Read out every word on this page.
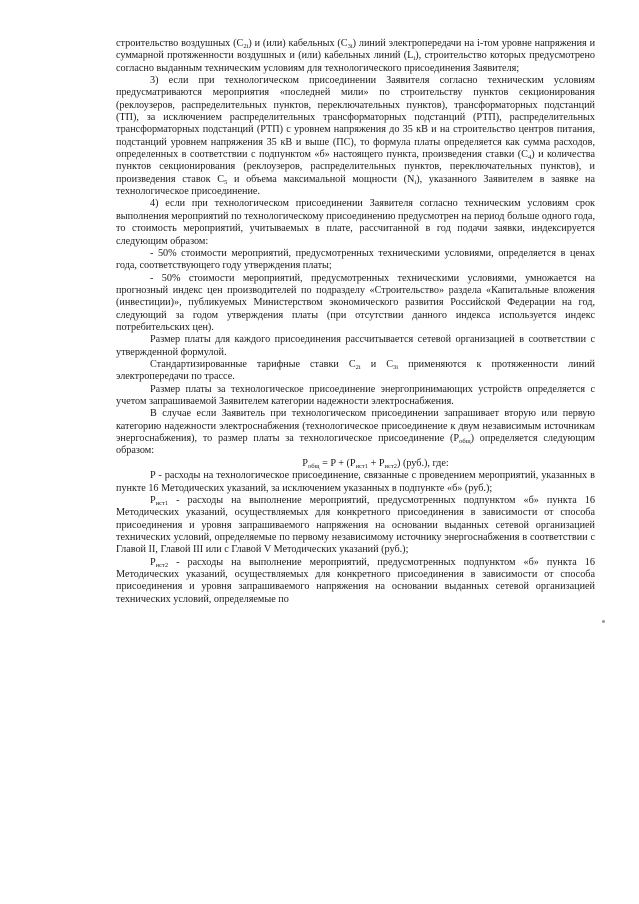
строительство воздушных $(C_{2i})$ и (или) кабельных $(C_{3i})$ линий электропередачи на i-том уровне напряжения и суммарной протяженности воздушных и (или) кабельных линий $(L_i)$, строительство которых предусмотрено согласно выданным техническим условиям для технологического присоединения Заявителя;

3) если при технологическом присоединении Заявителя согласно техническим условиям предусматриваются мероприятия «последней мили» по строительству пунктов секционирования (реклоузеров, распределительных пунктов, переключательных пунктов), трансформаторных подстанций (ТП), за исключением распределительных трансформаторных подстанций (РТП), распределительных трансформаторных подстанций (РТП) с уровнем напряжения до 35 кВ и на строительство центров питания, подстанций уровнем напряжения 35 кВ и выше (ПС), то формула платы определяется как сумма расходов, определенных в соответствии с подпунктом «б» настоящего пункта, произведения ставки $(C_4)$ и количества пунктов секционирования (реклоузеров, распределительных пунктов, переключательных пунктов), и произведения ставок $C_5$ и объема максимальной мощности $(N_i)$, указанного Заявителем в заявке на технологическое присоединение.

4) если при технологическом присоединении Заявителя согласно техническим условиям срок выполнения мероприятий по технологическому присоединению предусмотрен на период больше одного года, то стоимость мероприятий, учитываемых в плате, рассчитанной в год подачи заявки, индексируется следующим образом:

- 50% стоимости мероприятий, предусмотренных техническими условиями, определяется в ценах года, соответствующего году утверждения платы;

- 50% стоимости мероприятий, предусмотренных техническими условиями, умножается на прогнозный индекс цен производителей по подразделу «Строительство» раздела «Капитальные вложения (инвестиции)», публикуемых Министерством экономического развития Российской Федерации на год, следующий за годом утверждения платы (при отсутствии данного индекса используется индекс потребительских цен).

Размер платы для каждого присоединения рассчитывается сетевой организацией в соответствии с утвержденной формулой.

Стандартизированные тарифные ставки $C_{2i}$ и $C_{3i}$ применяются к протяженности линий электропередачи по трассе.

Размер платы за технологическое присоединение энергопринимающих устройств определяется с учетом запрашиваемой Заявителем категории надежности электроснабжения.

В случае если Заявитель при технологическом присоединении запрашивает вторую или первую категорию надежности электроснабжения (технологическое присоединение к двум независимым источникам энергоснабжения), то размер платы за технологическое присоединение $(P_{общ})$ определяется следующим образом:

$P_{общ} = P + (P_{ист1} + P_{ист2})$ (руб.), где:

P - расходы на технологическое присоединение, связанные с проведением мероприятий, указанных в пункте 16 Методических указаний, за исключением указанных в подпункте «б» (руб.);

$P_{ист1}$ - расходы на выполнение мероприятий, предусмотренных подпунктом «б» пункта 16 Методических указаний, осуществляемых для конкретного присоединения в зависимости от способа присоединения и уровня запрашиваемого напряжения на основании выданных сетевой организацией технических условий, определяемые по первому независимому источнику энергоснабжения в соответствии с Главой II, Главой III или с Главой V Методических указаний (руб.);

$P_{ист2}$ - расходы на выполнение мероприятий, предусмотренных подпунктом «б» пункта 16 Методических указаний, осуществляемых для конкретного присоединения в зависимости от способа присоединения и уровня запрашиваемого напряжения на основании выданных сетевой организацией технических условий, определяемые по
